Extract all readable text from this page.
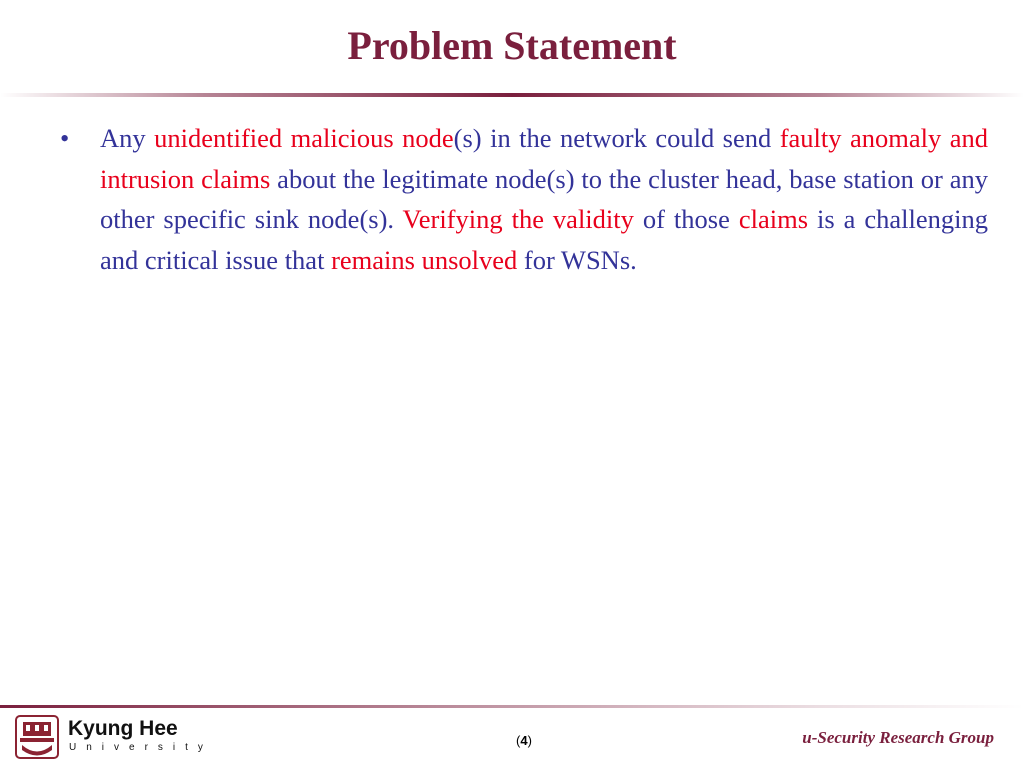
Problem Statement

• Any unidentified malicious node(s) in the network could send faulty anomaly and intrusion claims about the legitimate node(s) to the cluster head, base station or any other specific sink node(s). Verifying the validity of those claims is a challenging and critical issue that remains unsolved for WSNs.

Kyung Hee
University	(4)	u-Security Research Group
